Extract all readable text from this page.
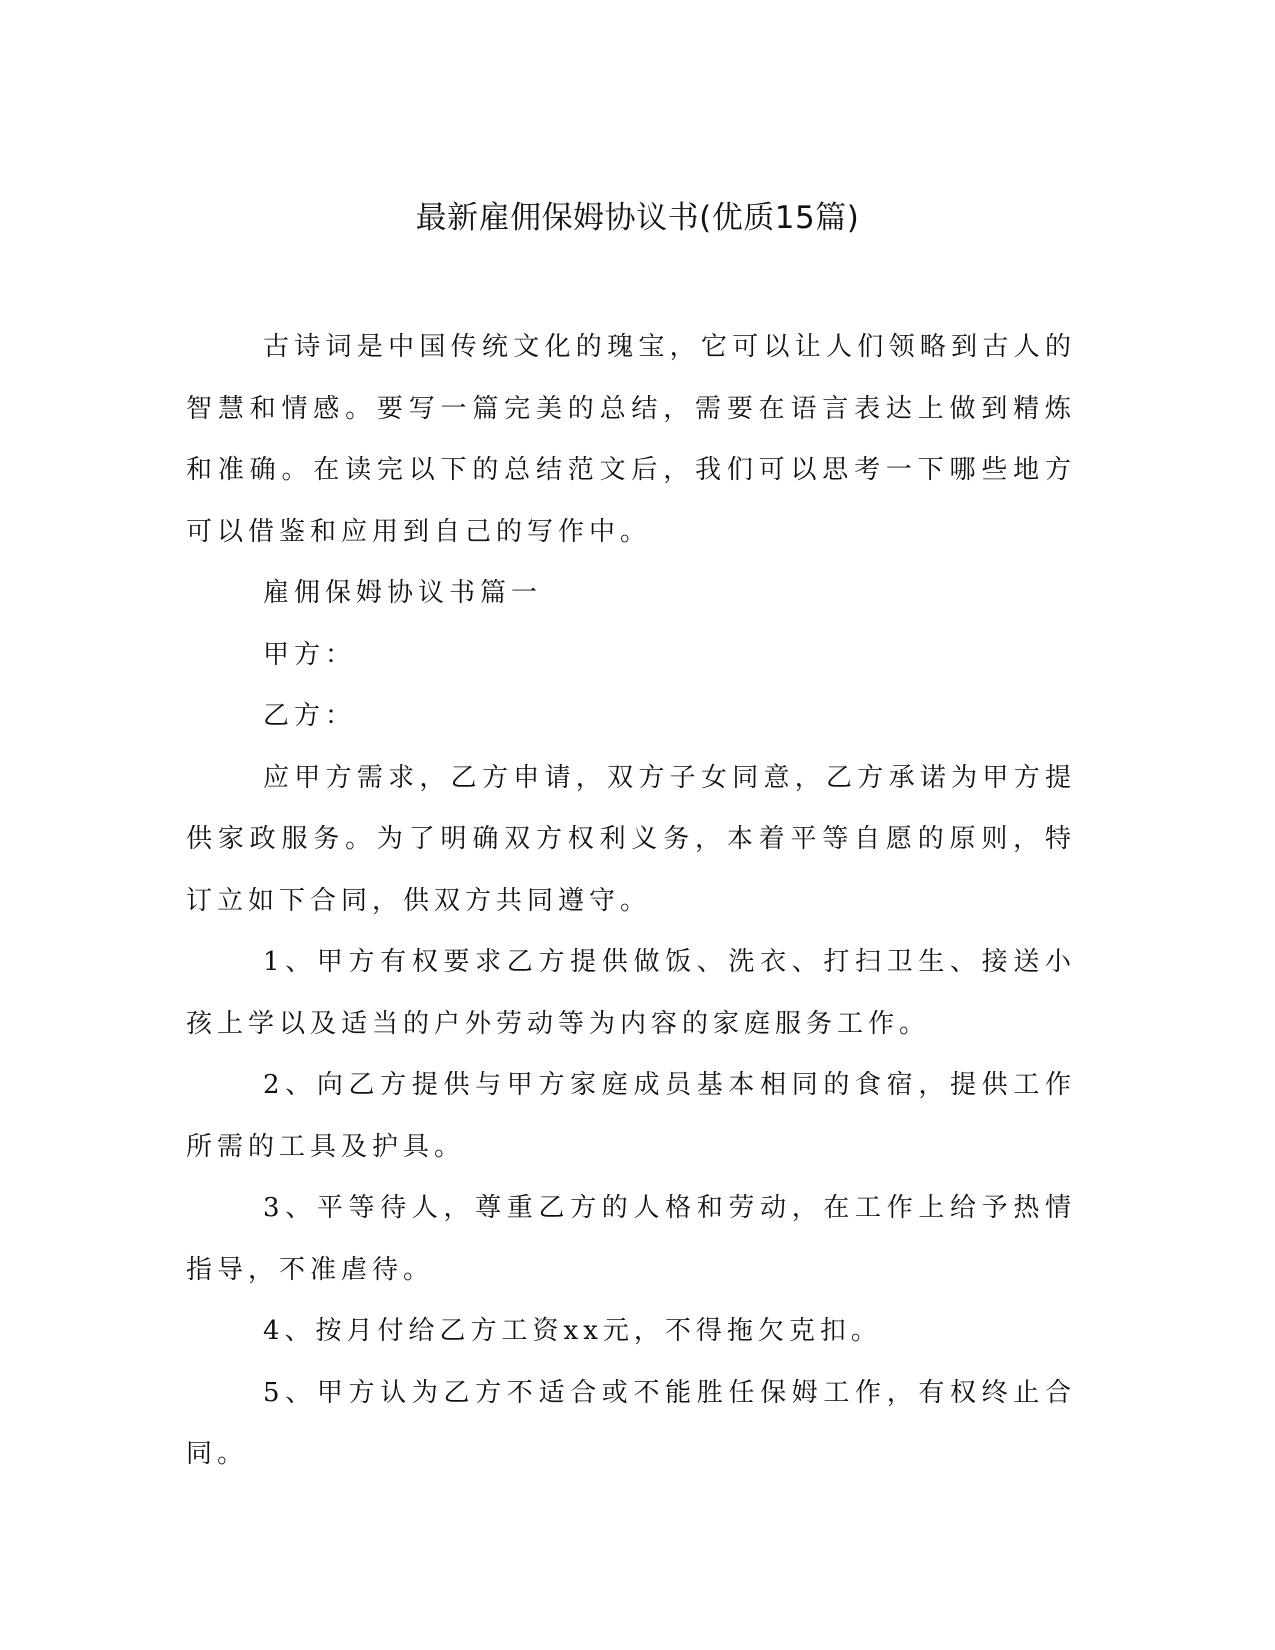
最新雇佣保姆协议书(优质15篇)

古诗词是中国传统文化的瑰宝，它可以让人们领略到古人的智慧和情感。要写一篇完美的总结，需要在语言表达上做到精炼和准确。在读完以下的总结范文后，我们可以思考一下哪些地方可以借鉴和应用到自己的写作中。

雇佣保姆协议书篇一

甲方：

乙方：

应甲方需求，乙方申请，双方子女同意，乙方承诺为甲方提供家政服务。为了明确双方权利义务，本着平等自愿的原则，特订立如下合同，供双方共同遵守。

1、甲方有权要求乙方提供做饭、洗衣、打扫卫生、接送小孩上学以及适当的户外劳动等为内容的家庭服务工作。

2、向乙方提供与甲方家庭成员基本相同的食宿，提供工作所需的工具及护具。

3、平等待人，尊重乙方的人格和劳动，在工作上给予热情指导，不准虐待。

4、按月付给乙方工资xx元，不得拖欠克扣。

5、甲方认为乙方不适合或不能胜任保姆工作，有权终止合同。
